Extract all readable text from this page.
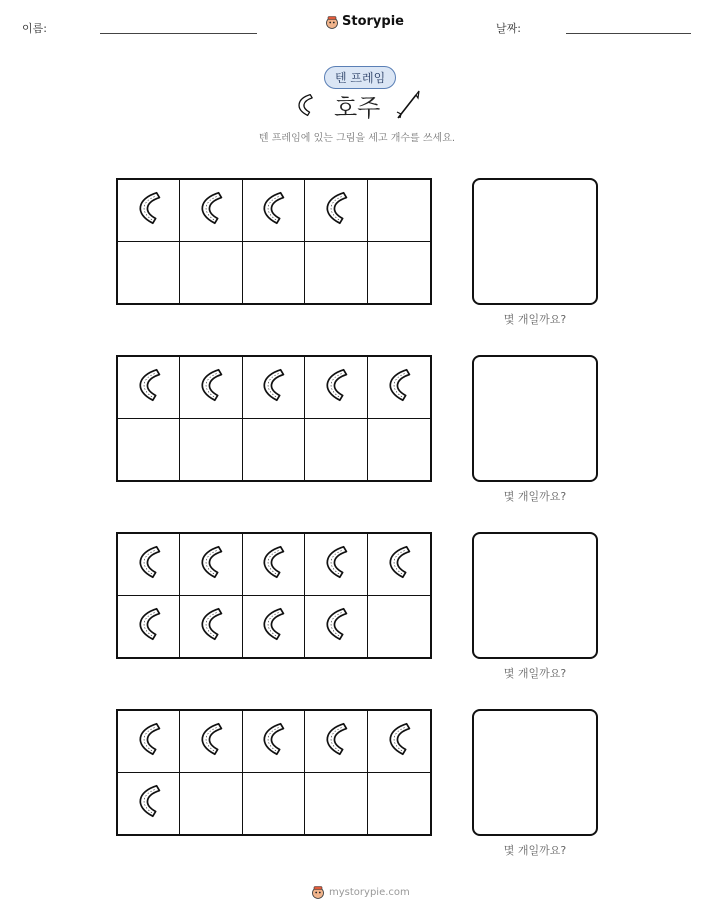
이름:	Storypie	날짜:
텐 프레임
호주
텐 프레임에 있는 그림을 세고 개수를 쓰세요.
몇 개일까요?
몇 개일까요?
몇 개일까요?
몇 개일까요?
mystorypie.com
